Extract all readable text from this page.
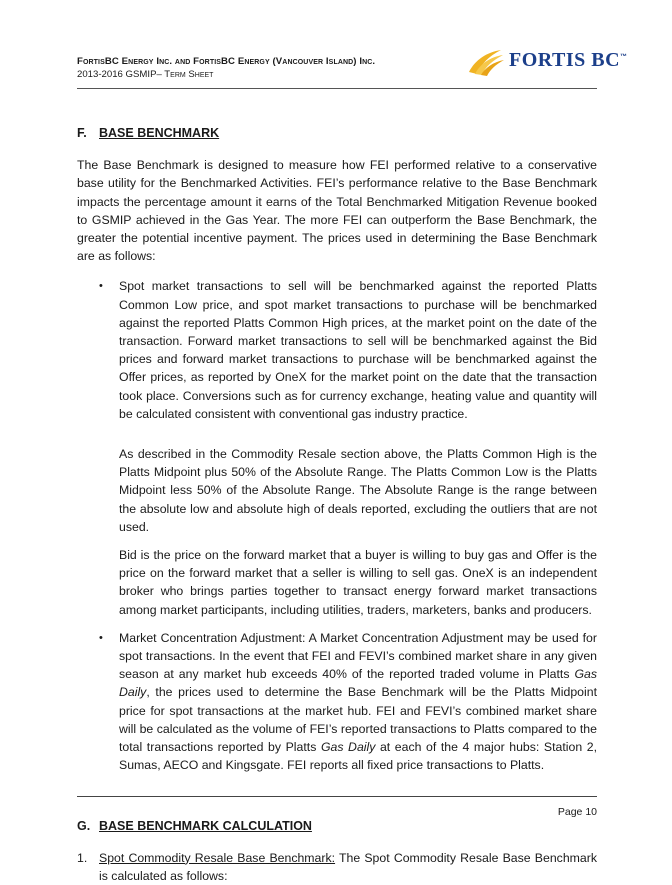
FortisBC Energy Inc. and FortisBC Energy (Vancouver Island) Inc.
2013-2016 GSMIP– Term Sheet
FORTIS BC™
F. BASE BENCHMARK

The Base Benchmark is designed to measure how FEI performed relative to a conservative base utility for the Benchmarked Activities. FEI’s performance relative to the Base Benchmark impacts the percentage amount it earns of the Total Benchmarked Mitigation Revenue booked to GSMIP achieved in the Gas Year. The more FEI can outperform the Base Benchmark, the greater the potential incentive payment. The prices used in determining the Base Benchmark are as follows:

•	Spot market transactions to sell will be benchmarked against the reported Platts Common Low price, and spot market transactions to purchase will be benchmarked against the reported Platts Common High prices, at the market point on the date of the transaction. Forward market transactions to sell will be benchmarked against the Bid prices and forward market transactions to purchase will be benchmarked against the Offer prices, as reported by OneX for the market point on the date that the transaction took place. Conversions such as for currency exchange, heating value and quantity will be calculated consistent with conventional gas industry practice.

As described in the Commodity Resale section above, the Platts Common High is the Platts Midpoint plus 50% of the Absolute Range. The Platts Common Low is the Platts Midpoint less 50% of the Absolute Range. The Absolute Range is the range between the absolute low and absolute high of deals reported, excluding the outliers that are not used.

Bid is the price on the forward market that a buyer is willing to buy gas and Offer is the price on the forward market that a seller is willing to sell gas. OneX is an independent broker who brings parties together to transact energy forward market transactions among market participants, including utilities, traders, marketers, banks and producers.

•	Market Concentration Adjustment: A Market Concentration Adjustment may be used for spot transactions. In the event that FEI and FEVI’s combined market share in any given season at any market hub exceeds 40% of the reported traded volume in Platts Gas Daily, the prices used to determine the Base Benchmark will be the Platts Midpoint price for spot transactions at the market hub. FEI and FEVI’s combined market share will be calculated as the volume of FEI’s reported transactions to Platts compared to the total transactions reported by Platts Gas Daily at each of the 4 major hubs: Station 2, Sumas, AECO and Kingsgate. FEI reports all fixed price transactions to Platts.

G. BASE BENCHMARK CALCULATION
1. Spot Commodity Resale Base Benchmark: The Spot Commodity Resale Base Benchmark is calculated as follows:
Page 10
